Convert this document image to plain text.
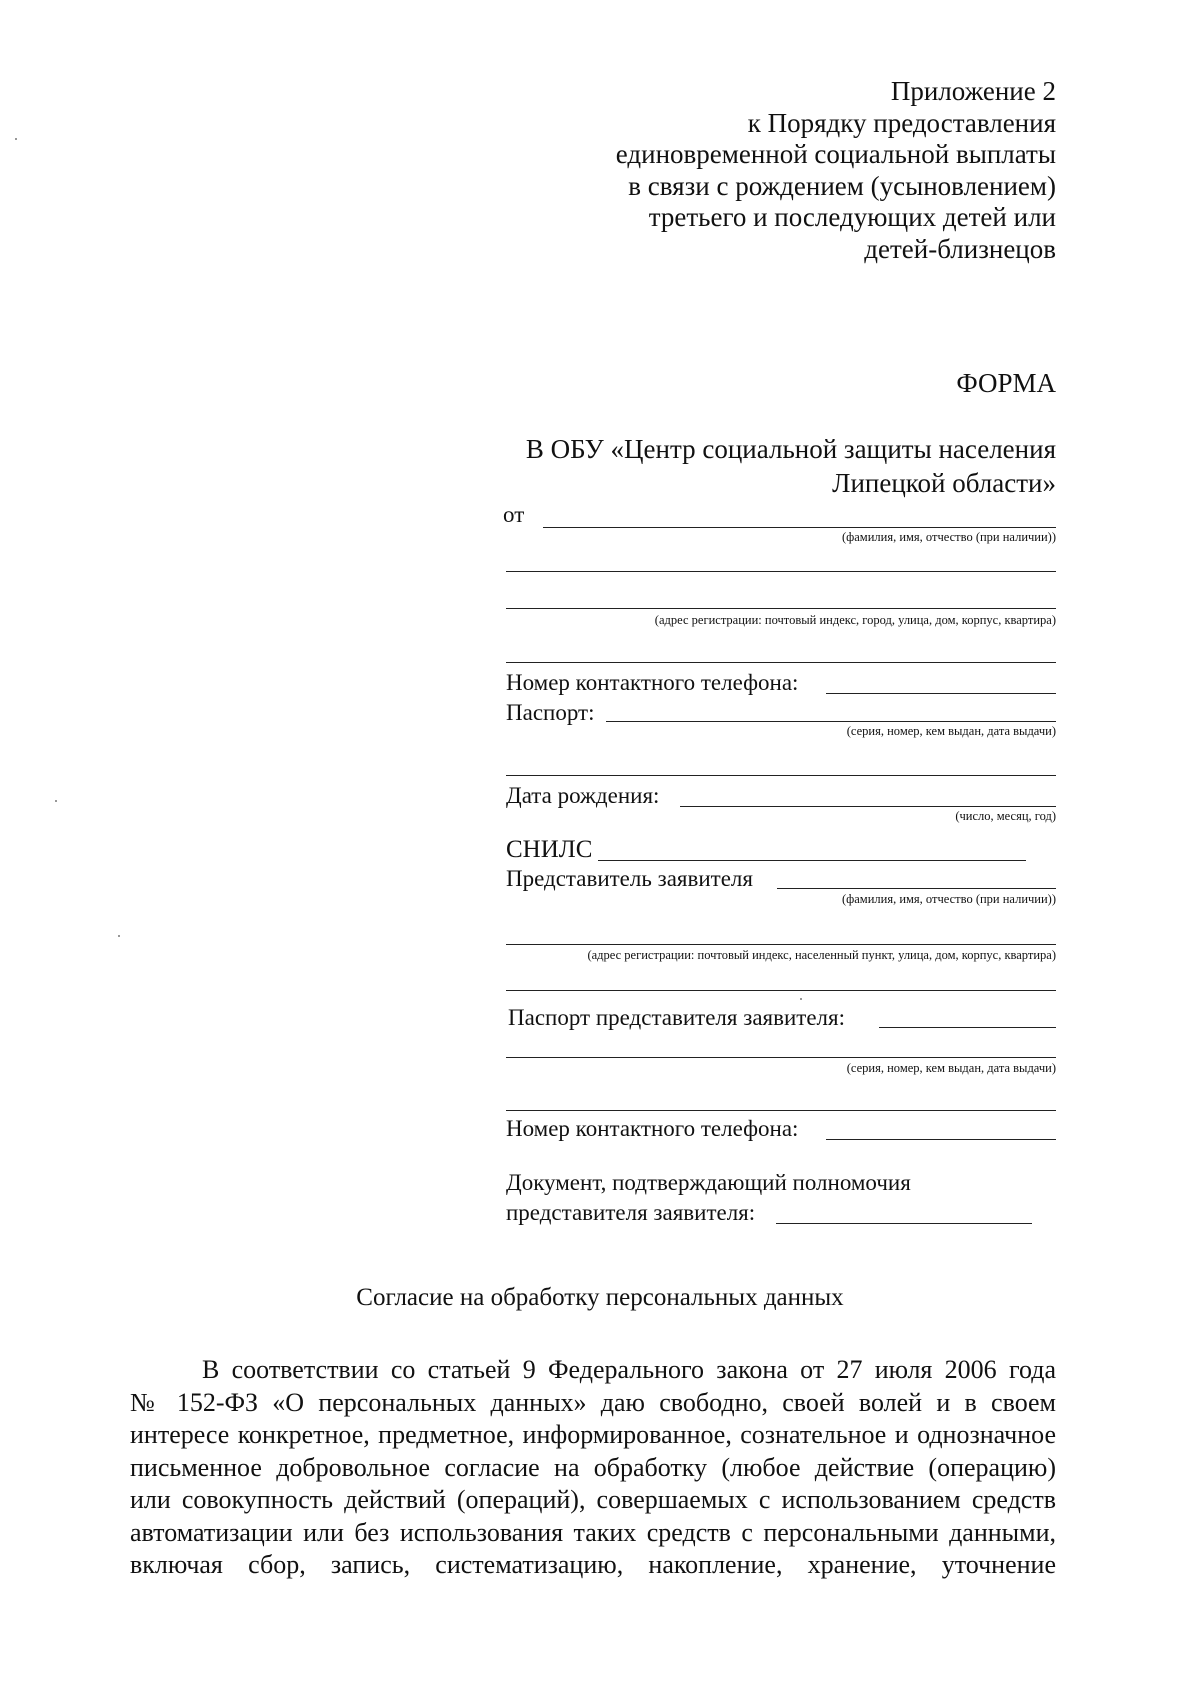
Приложение 2
к Порядку предоставления
единовременной социальной выплаты
в связи с рождением (усыновлением)
третьего и последующих детей или
детей-близнецов
ФОРМА
В ОБУ «Центр социальной защиты населения
Липецкой области»
от
(фамилия, имя, отчество (при наличии))
(адрес регистрации: почтовый индекс, город, улица, дом, корпус, квартира)
Номер контактного телефона:
Паспорт:
(серия, номер, кем выдан, дата выдачи)
Дата рождения:
(число, месяц, год)
СНИЛС
Представитель заявителя
(фамилия, имя, отчество (при наличии))
(адрес регистрации: почтовый индекс, населенный пункт, улица, дом, корпус, квартира)
Паспорт представителя заявителя:
(серия, номер, кем выдан, дата выдачи)
Номер контактного телефона:
Документ, подтверждающий полномочия
представителя заявителя:
Согласие на обработку персональных данных
В соответствии со статьей 9 Федерального закона от 27 июля 2006 года
№ 152-ФЗ «О персональных данных» даю свободно, своей волей и в своем
интересе конкретное, предметное, информированное, сознательное и однозначное
письменное добровольное согласие на обработку (любое действие (операцию)
или совокупность действий (операций), совершаемых с использованием средств
автоматизации или без использования таких средств с персональными данными,
включая сбор, запись, систематизацию, накопление, хранение, уточнение
